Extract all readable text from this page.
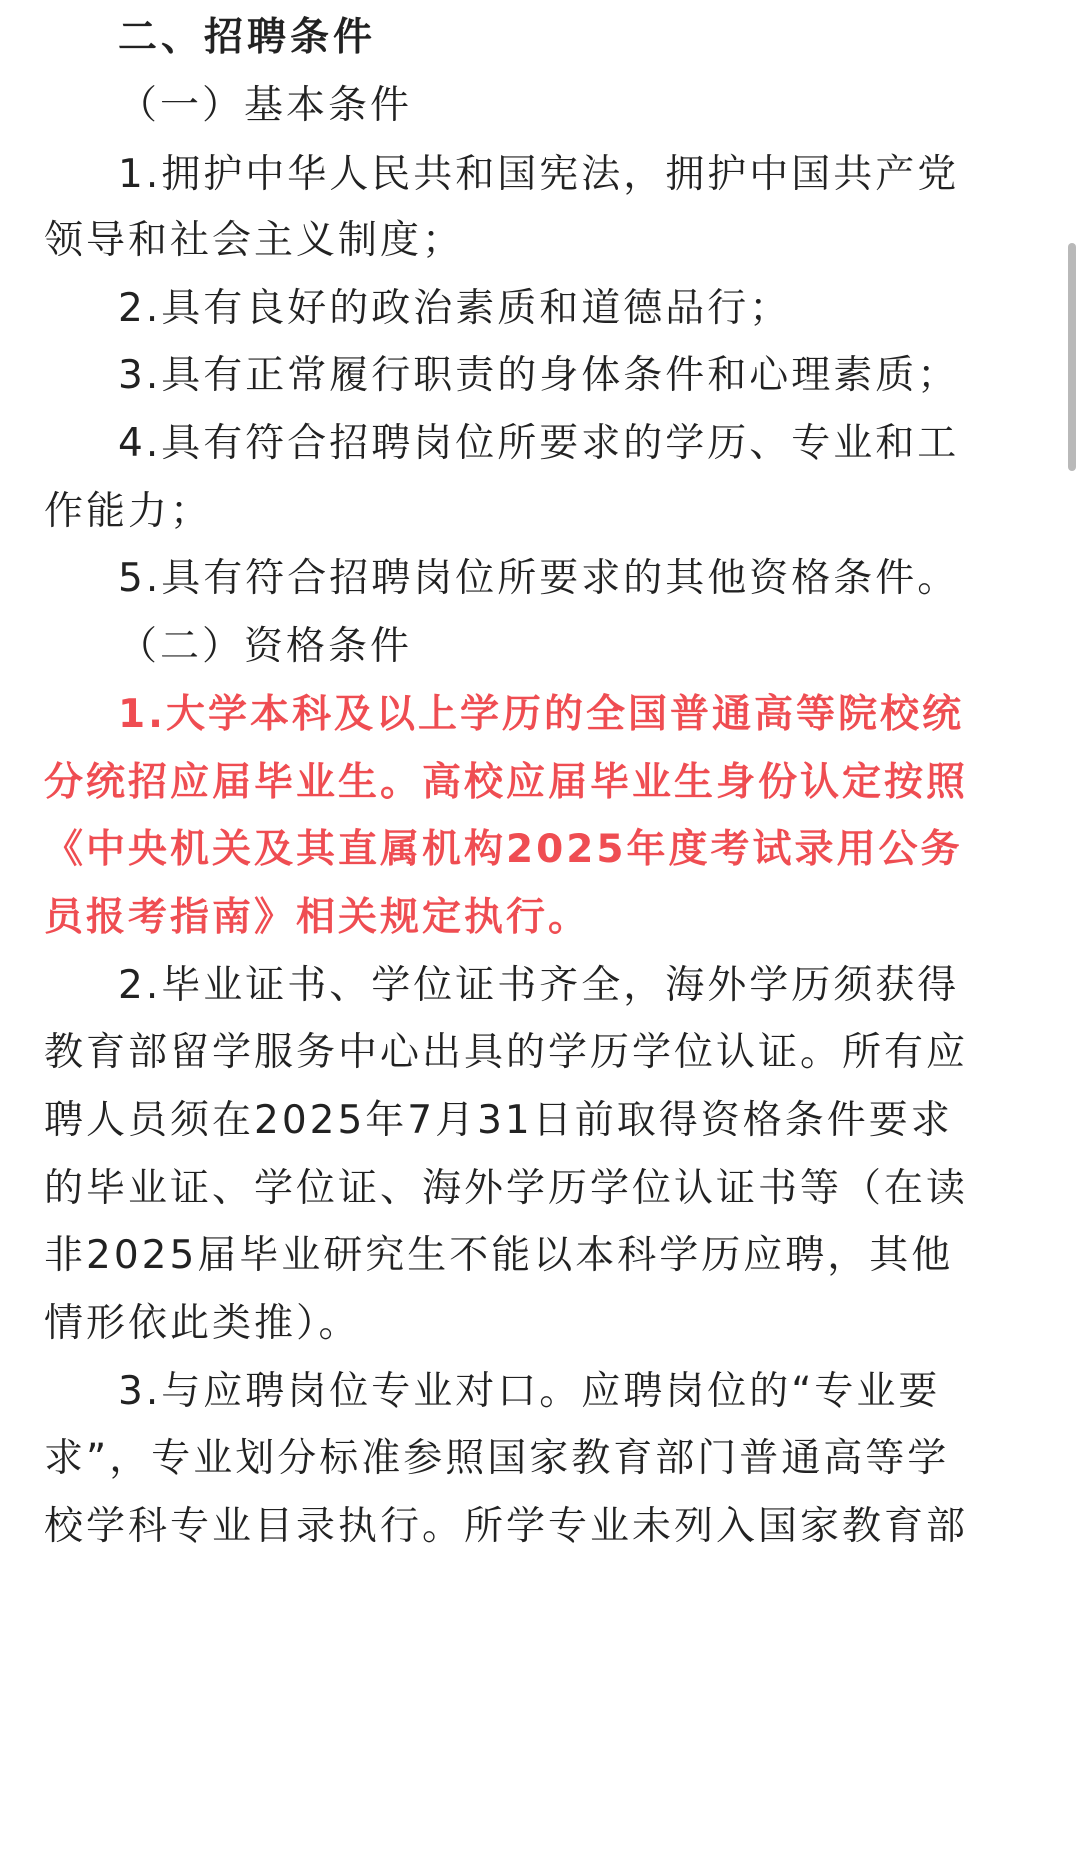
二、招聘条件
（一）基本条件
1.拥护中华人民共和国宪法，拥护中国共产党
领导和社会主义制度；
2.具有良好的政治素质和道德品行；
3.具有正常履行职责的身体条件和心理素质；
4.具有符合招聘岗位所要求的学历、专业和工
作能力；
5.具有符合招聘岗位所要求的其他资格条件。
（二）资格条件
1.大学本科及以上学历的全国普通高等院校统
分统招应届毕业生。高校应届毕业生身份认定按照
《中央机关及其直属机构2025年度考试录用公务
员报考指南》相关规定执行。
2.毕业证书、学位证书齐全，海外学历须获得
教育部留学服务中心出具的学历学位认证。所有应
聘人员须在2025年7月31日前取得资格条件要求
的毕业证、学位证、海外学历学位认证书等（在读
非2025届毕业研究生不能以本科学历应聘，其他
情形依此类推）。
3.与应聘岗位专业对口。应聘岗位的“专业要
求”，专业划分标准参照国家教育部门普通高等学
校学科专业目录执行。所学专业未列入国家教育部
